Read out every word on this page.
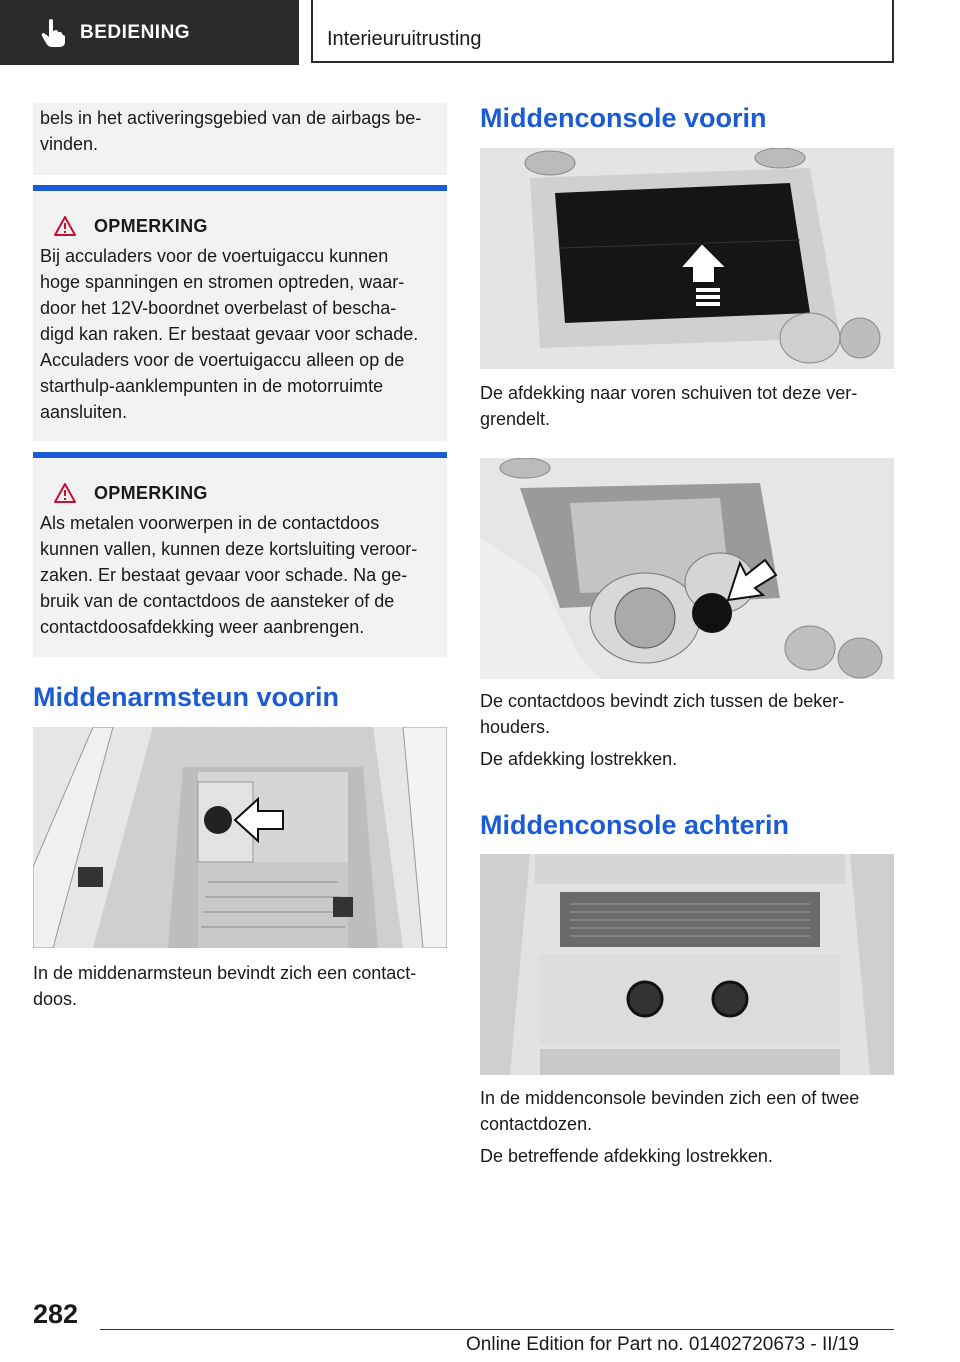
BEDIENING	Interieuruitrusting

bels in het activeringsgebied van de airbags be-vinden.

OPMERKING

Bij acculaders voor de voertuigaccu kunnen

hoge spanningen en stromen optreden, waar-

door het 12V-boordnet overbelast of bescha-

digd kan raken. Er bestaat gevaar voor schade.

Acculaders voor de voertuigaccu alleen op de

starthulp-aanklempunten in de motorruimte

aansluiten.

OPMERKING

Als metalen voorwerpen in de contactdoos

kunnen vallen, kunnen deze kortsluiting veroor-

zaken. Er bestaat gevaar voor schade. Na ge-

bruik van de contactdoos de aansteker of de

contactdoosafdekking weer aanbrengen.

Middenarmsteun voorin

In de middenarmsteun bevindt zich een contact-
doos.

Middenconsole voorin

De afdekking naar voren schuiven tot deze ver-
grendelt.

De contactdoos bevindt zich tussen de beker-
houders.

De afdekking lostrekken.

Middenconsole achterin

In de middenconsole bevinden zich een of twee
contactdozen.

De betreffende afdekking lostrekken.

282
Online Edition for Part no. 01402720673 - II/19
